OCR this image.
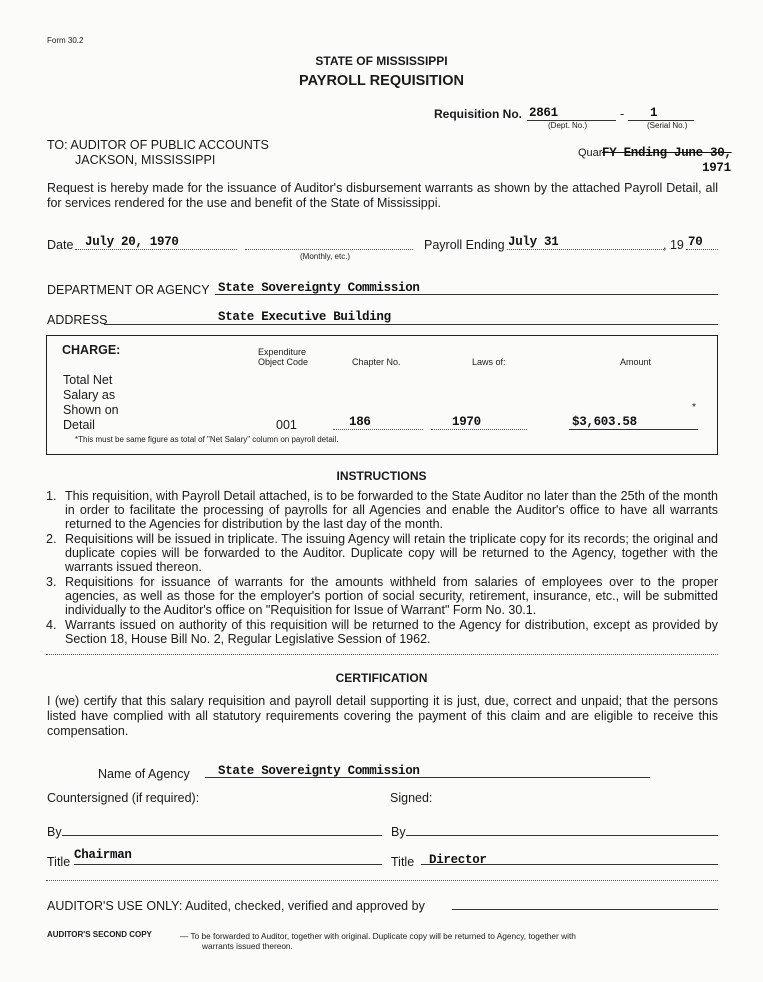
Form 30.2
STATE OF MISSISSIPPI
PAYROLL REQUISITION
Requisition No. 2861
(Dept. No.)
- 1
(Serial No.)
TO: AUDITOR OF PUBLIC ACCOUNTS
JACKSON, MISSISSIPPI	Quar FY Ending June 30,
1971
Request is hereby made for the issuance of Auditor's disbursement warrants as shown by the attached Payroll Detail, all for services rendered for the use and benefit of the State of Mississippi.
Date July 20, 1970
(Monthly, etc.)
Payroll Ending July 31	, 19 70
DEPARTMENT OR AGENCY State Sovereignty Commission
ADDRESS	State Executive Building
CHARGE:	Expenditure
Object Code	Chapter No.	Laws of:	Amount
Total Net
Salary as
Shown on
Detail	001	186	1970	$3,603.58
*
*This must be same figure as total of "Net Salary" column on payroll detail.
INSTRUCTIONS
1. This requisition, with Payroll Detail attached, is to be forwarded to the State Auditor no later than the 25th of the month in order to facilitate the processing of payrolls for all Agencies and enable the Auditor's office to have all warrants returned to the Agencies for distribution by the last day of the month.
2. Requisitions will be issued in triplicate. The issuing Agency will retain the triplicate copy for its records; the original and duplicate copies will be forwarded to the Auditor. Duplicate copy will be returned to the Agency, together with the warrants issued thereon.
3. Requisitions for issuance of warrants for the amounts withheld from salaries of employees over to the proper agencies, as well as those for the employer's portion of social security, retirement, insurance, etc., will be submitted individually to the Auditor's office on "Requisition for Issue of Warrant" Form No. 30.1.
4. Warrants issued on authority of this requisition will be returned to the Agency for distribution, except as provided by Section 18, House Bill No. 2, Regular Legislative Session of 1962.
CERTIFICATION
I (we) certify that this salary requisition and payroll detail supporting it is just, due, correct and unpaid; that the persons listed have complied with all statutory requirements covering the payment of this claim and are eligible to receive this compensation.
Name of Agency State Sovereignty Commission
Countersigned (if required):	Signed:
By	By
Title Chairman	Title Director
AUDITOR'S USE ONLY: Audited, checked, verified and approved by
AUDITOR'S SECOND COPY	— To be forwarded to Auditor, together with original. Duplicate copy will be returned to Agency, together with
warrants issued thereon.
